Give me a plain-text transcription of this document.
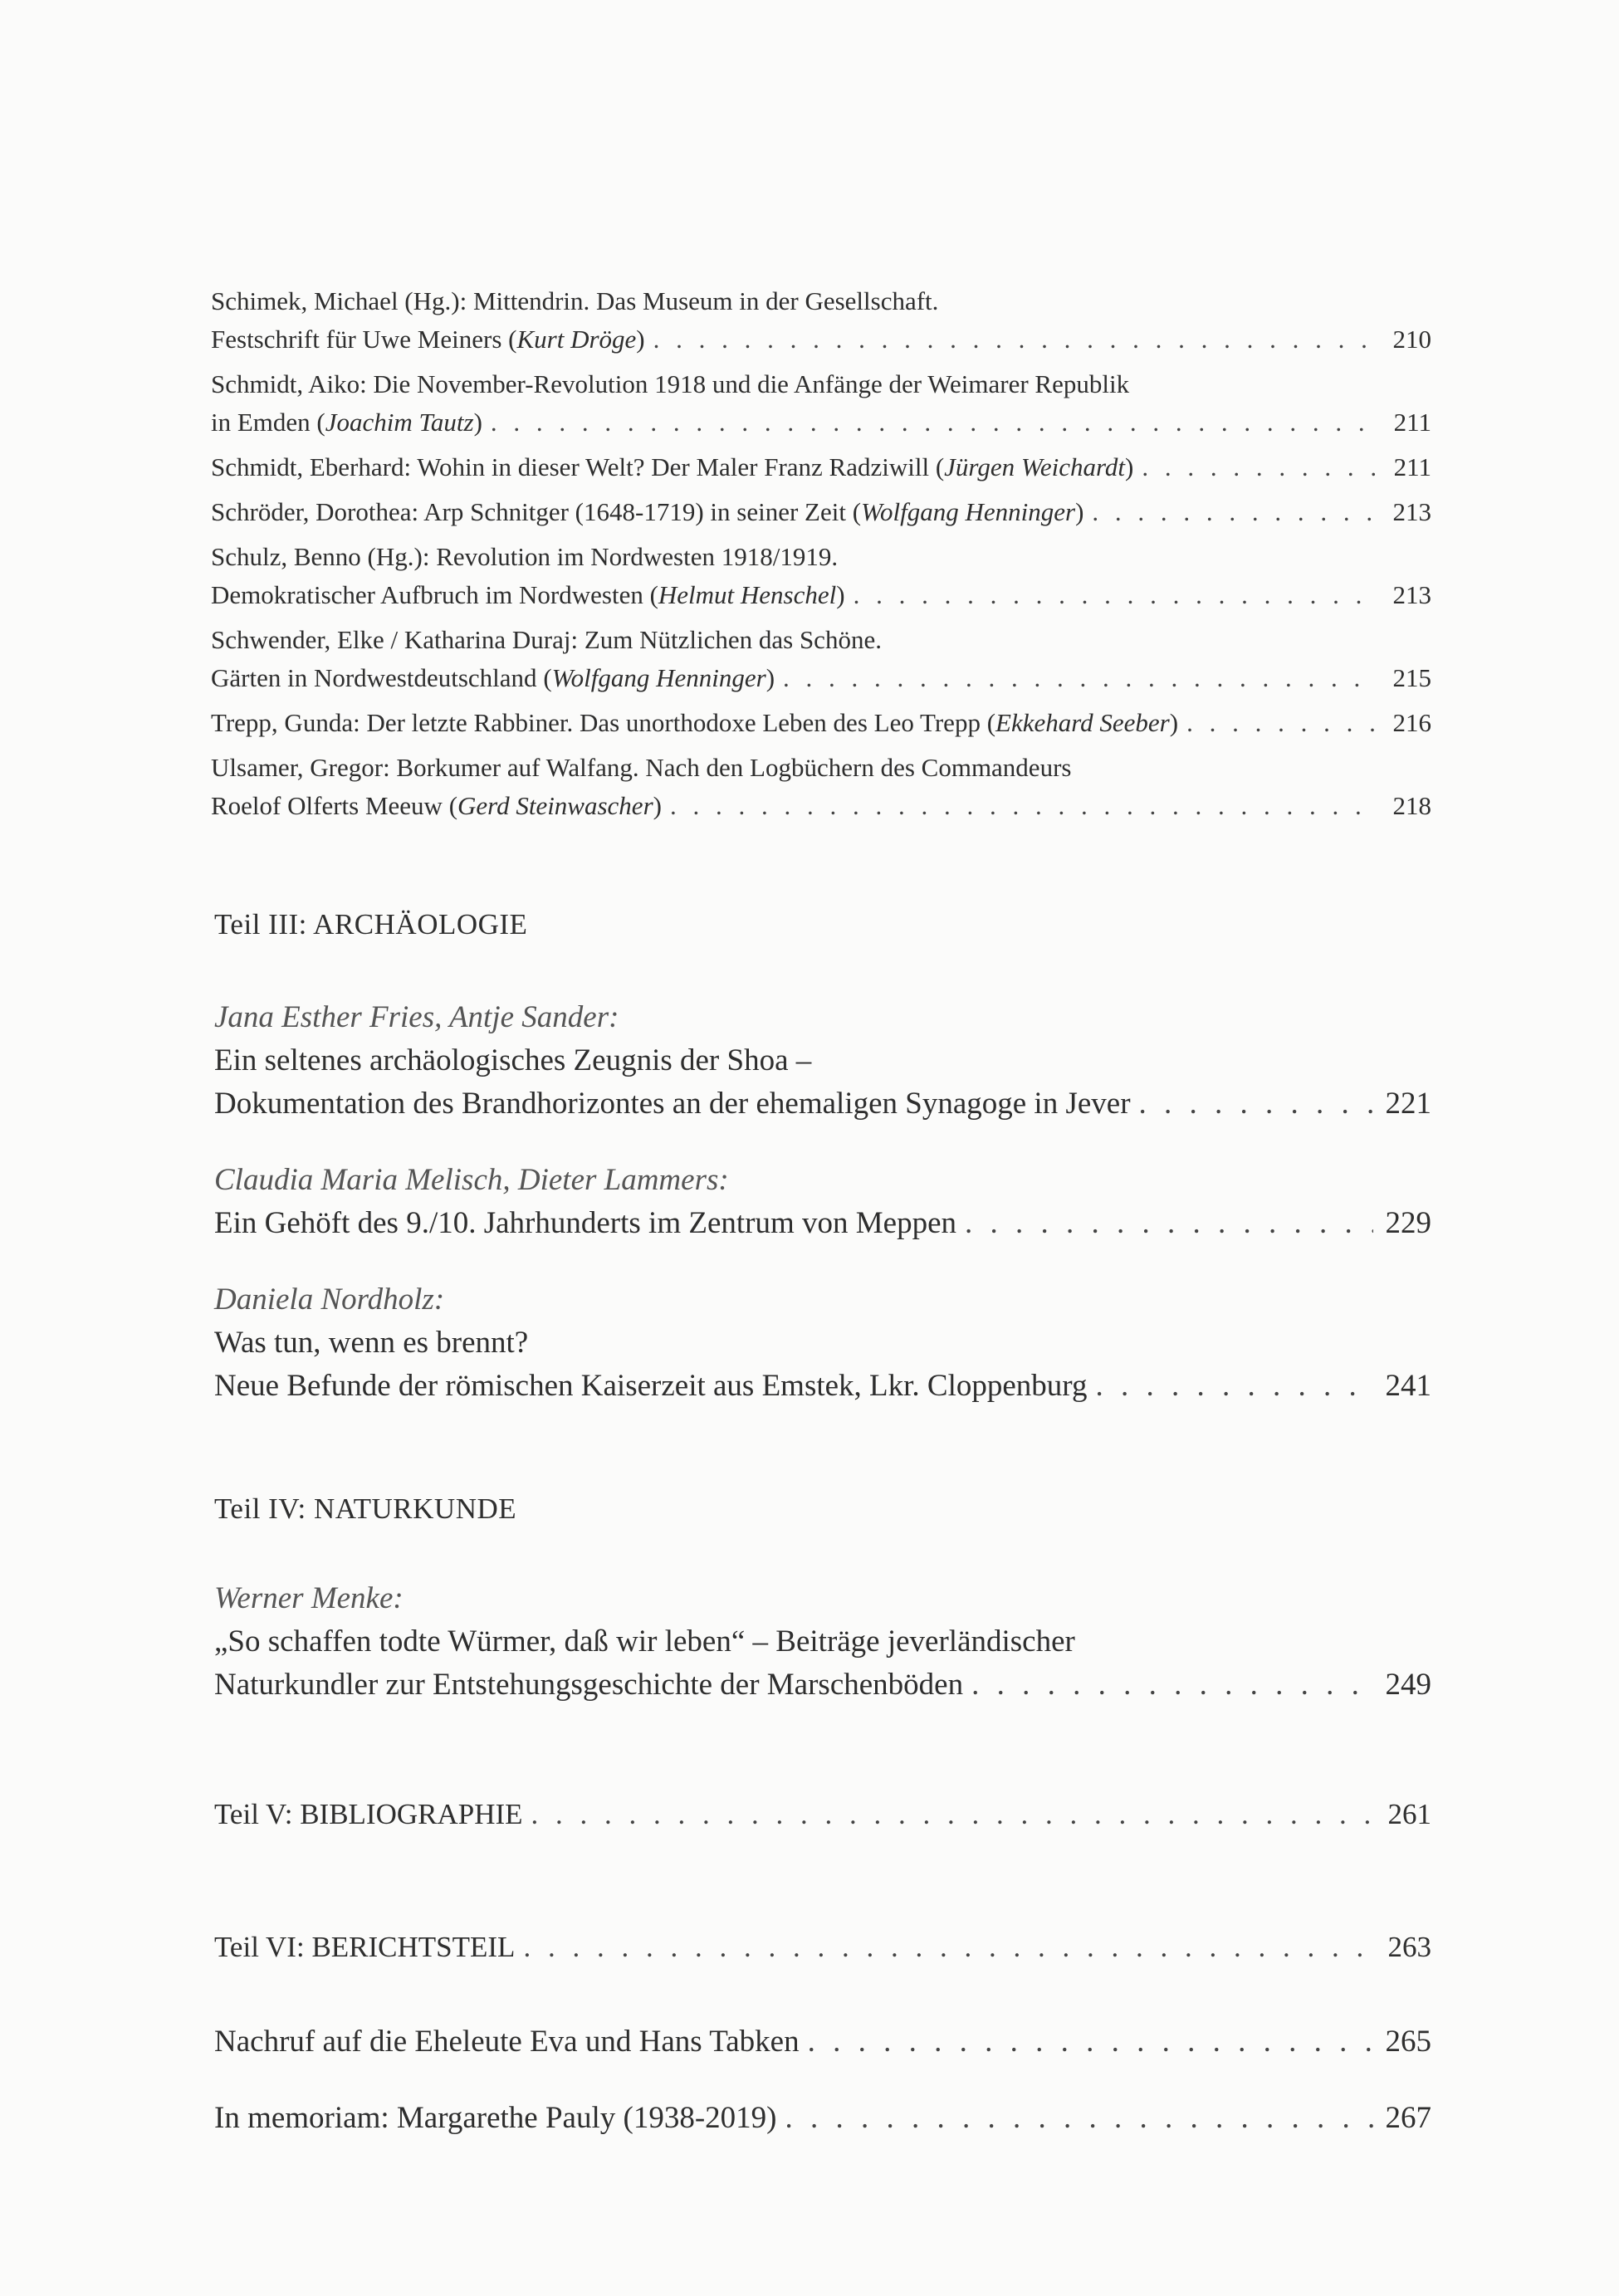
Schimek, Michael (Hg.): Mittendrin. Das Museum in der Gesellschaft.
Festschrift für Uwe Meiners (Kurt Dröge) . . .	210
Schmidt, Aiko: Die November-Revolution 1918 und die Anfänge der Weimarer Republik
in Emden (Joachim Tautz) . . .	211
Schmidt, Eberhard: Wohin in dieser Welt? Der Maler Franz Radziwill (Jürgen Weichardt) . . .	211
Schröder, Dorothea: Arp Schnitger (1648-1719) in seiner Zeit (Wolfgang Henninger) . . .	213
Schulz, Benno (Hg.): Revolution im Nordwesten 1918/1919.
Demokratischer Aufbruch im Nordwesten (Helmut Henschel) . . .	213
Schwender, Elke / Katharina Duraj: Zum Nützlichen das Schöne.
Gärten in Nordwestdeutschland (Wolfgang Henninger) . . .	215
Trepp, Gunda: Der letzte Rabbiner. Das unorthodoxe Leben des Leo Trepp (Ekkehard Seeber) . . .	216
Ulsamer, Gregor: Borkumer auf Walfang. Nach den Logbüchern des Commandeurs
Roelof Olferts Meeuw (Gerd Steinwascher) . . .	218
Teil III: ARCHÄOLOGIE
Jana Esther Fries, Antje Sander:
Ein seltenes archäologisches Zeugnis der Shoa –
Dokumentation des Brandhorizontes an der ehemaligen Synagoge in Jever . . .	221
Claudia Maria Melisch, Dieter Lammers:
Ein Gehöft des 9./10. Jahrhunderts im Zentrum von Meppen . . .	229
Daniela Nordholz:
Was tun, wenn es brennt?
Neue Befunde der römischen Kaiserzeit aus Emstek, Lkr. Cloppenburg . . .	241
Teil IV: NATURKUNDE
Werner Menke:
„So schaffen todte Würmer, daß wir leben“ – Beiträge jeverländischer
Naturkundler zur Entstehungsgeschichte der Marschenböden . . .	249
Teil V: BIBLIOGRAPHIE . . .	261
Teil VI: BERICHTSTEIL . . .	263
Nachruf auf die Eheleute Eva und Hans Tabken . . .	265
In memoriam: Margarethe Pauly (1938-2019) . . .	267
